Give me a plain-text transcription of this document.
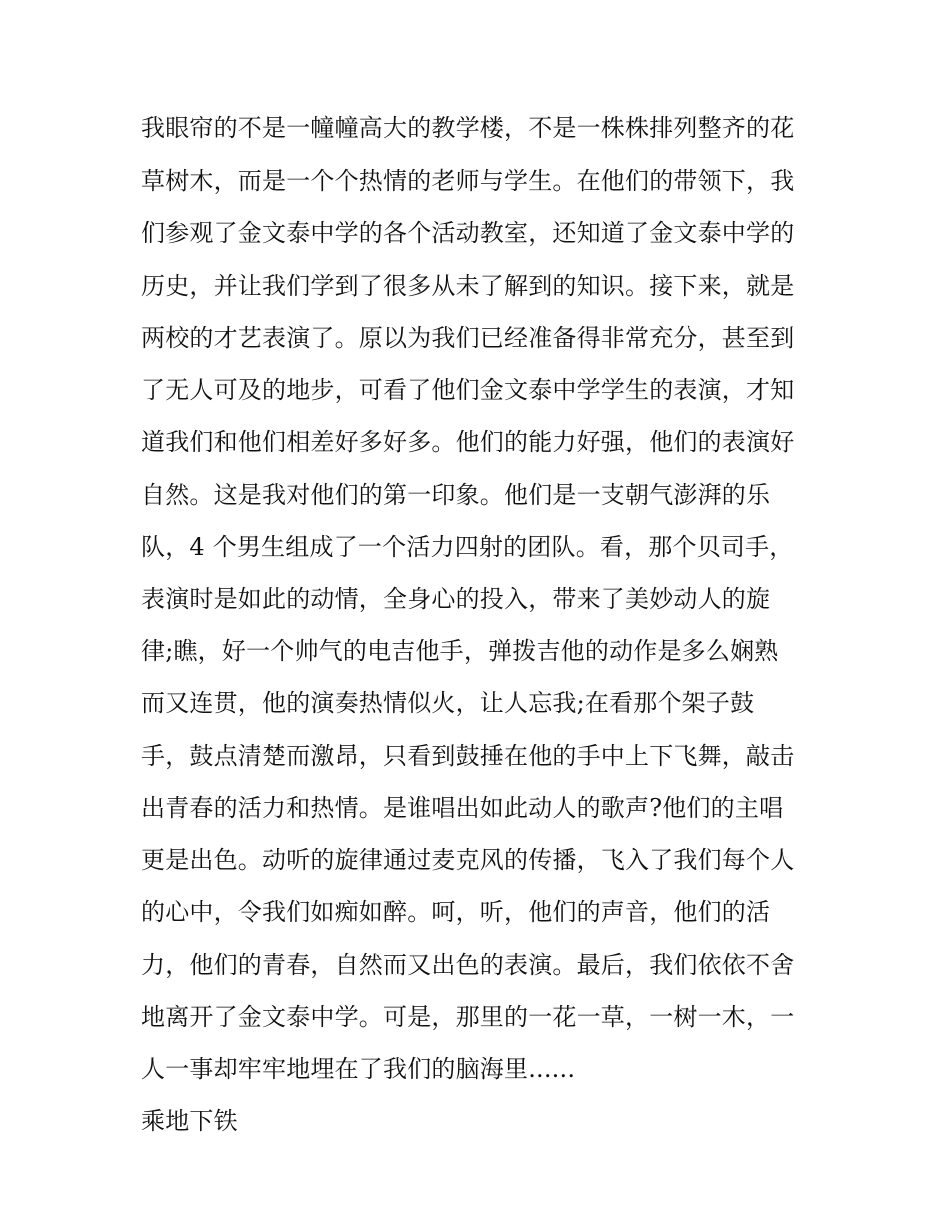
我眼帘的不是一幢幢高大的教学楼，不是一株株排列整齐的花
草树木，而是一个个热情的老师与学生。在他们的带领下，我
们参观了金文泰中学的各个活动教室，还知道了金文泰中学的
历史，并让我们学到了很多从未了解到的知识。接下来，就是
两校的才艺表演了。原以为我们已经准备得非常充分，甚至到
了无人可及的地步，可看了他们金文泰中学学生的表演，才知
道我们和他们相差好多好多。他们的能力好强，他们的表演好
自然。这是我对他们的第一印象。他们是一支朝气澎湃的乐
队，4 个男生组成了一个活力四射的团队。看，那个贝司手，
表演时是如此的动情，全身心的投入，带来了美妙动人的旋
律;瞧，好一个帅气的电吉他手，弹拨吉他的动作是多么娴熟
而又连贯，他的演奏热情似火，让人忘我;在看那个架子鼓
手，鼓点清楚而激昂，只看到鼓捶在他的手中上下飞舞，敲击
出青春的活力和热情。是谁唱出如此动人的歌声?他们的主唱
更是出色。动听的旋律通过麦克风的传播，飞入了我们每个人
的心中，令我们如痴如醉。呵，听，他们的声音，他们的活
力，他们的青春，自然而又出色的表演。最后，我们依依不舍
地离开了金文泰中学。可是，那里的一花一草，一树一木，一
人一事却牢牢地埋在了我们的脑海里......
乘地下铁
